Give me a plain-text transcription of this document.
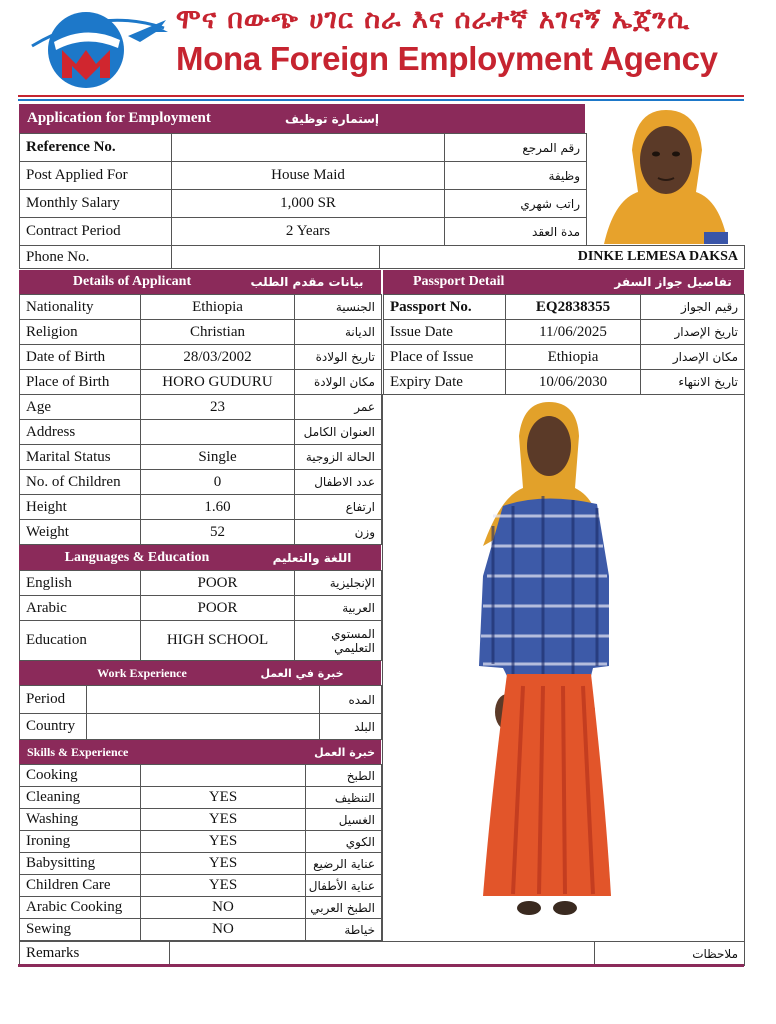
ሞና በውጭ ሀገር ስራ እና ሰራተኛ አገናኝ ኤጀንሲ
Mona Foreign Employment Agency
Application for Employment	إستمارة توظيف
Reference No.		رقم المرجع
Post Applied For	House Maid	وظيفة
Monthly Salary	1,000 SR	راتب شهري
Contract Period	2 Years	مدة العقد
Phone No.		DINKE LEMESA DAKSA
Details of Applicant	بيانات مقدم الطلب
Nationality	Ethiopia	الجنسية
Religion	Christian	الديانة
Date of Birth	28/03/2002	تاريخ الولادة
Place of Birth	HORO GUDURU	مكان الولادة
Age	23	عمر
Address		العنوان الكامل
Marital Status	Single	الحالة الزوجية
No. of Children	0	عدد الاطفال
Height	1.60	ارتفاع
Weight	52	وزن
Passport Detail	تفاصيل جواز السفر
Passport No.	EQ2838355	رقيم الجواز
Issue Date	11/06/2025	تاريخ الإصدار
Place of Issue	Ethiopia	مكان الإصدار
Expiry Date	10/06/2030	تاريخ الانتهاء
Languages & Education	اللغة والتعليم
English	POOR	الإنجليزية
Arabic	POOR	العربية
Education	HIGH SCHOOL	المستوي التعليمي
Work Experience	خبرة في العمل
Period		المده
Country		البلد
Skills & Experience	خبرة العمل
Cooking		الطبخ
Cleaning	YES	التنظيف
Washing	YES	الغسيل
Ironing	YES	الكوي
Babysitting	YES	عناية الرضيع
Children Care	YES	عناية الأطفال
Arabic Cooking	NO	الطبخ العربي
Sewing	NO	خياطة
Remarks		ملاحظات
